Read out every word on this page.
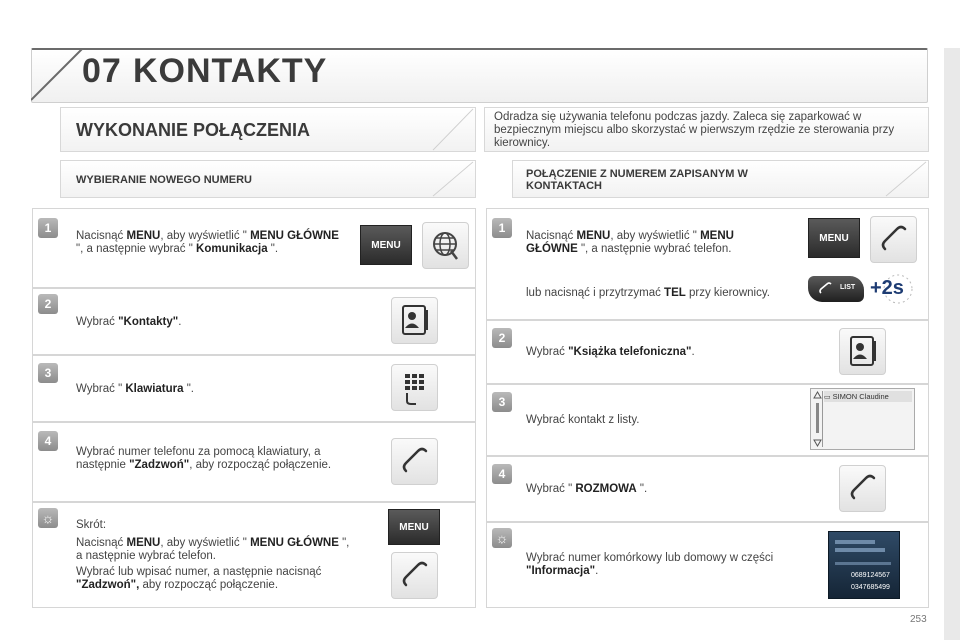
07 KONTAKTY
WYKONANIE POŁĄCZENIA
WYBIERANIE NOWEGO NUMERU
1
Nacisnąć MENU, aby wyświetlić " MENU GŁÓWNE ", a następnie wybrać " Komunikacja ".	MENU
2
Wybrać "Kontakty".
3
Wybrać " Klawiatura ".
4
Wybrać numer telefonu za pomocą klawiatury, a następnie "Zadzwoń", aby rozpocząć połączenie.
☼	Skrót:
Nacisnąć MENU, aby wyświetlić " MENU GŁÓWNE ", a następnie wybrać telefon.
Wybrać lub wpisać numer, a następnie nacisnąć "Zadzwoń", aby rozpocząć połączenie.
MENU
Odradza się używania telefonu podczas jazdy. Zaleca się zaparkować w bezpiecznym miejscu albo skorzystać w pierwszym rzędzie ze sterowania przy kierownicy.
POŁĄCZENIE Z NUMEREM ZAPISANYM W KONTAKTACH
1
Nacisnąć MENU, aby wyświetlić " MENU GŁÓWNE ", a następnie wybrać telefon.
lub nacisnąć i przytrzymać TEL przy kierownicy.
MENU
LIST +2s
2
Wybrać "Książka telefoniczna".
3
Wybrać kontakt z listy.
▭ SIMON Claudine
4
Wybrać " ROZMOWA ".
☼
Wybrać numer komórkowy lub domowy w części "Informacja".	0689124567
0347685499
253
